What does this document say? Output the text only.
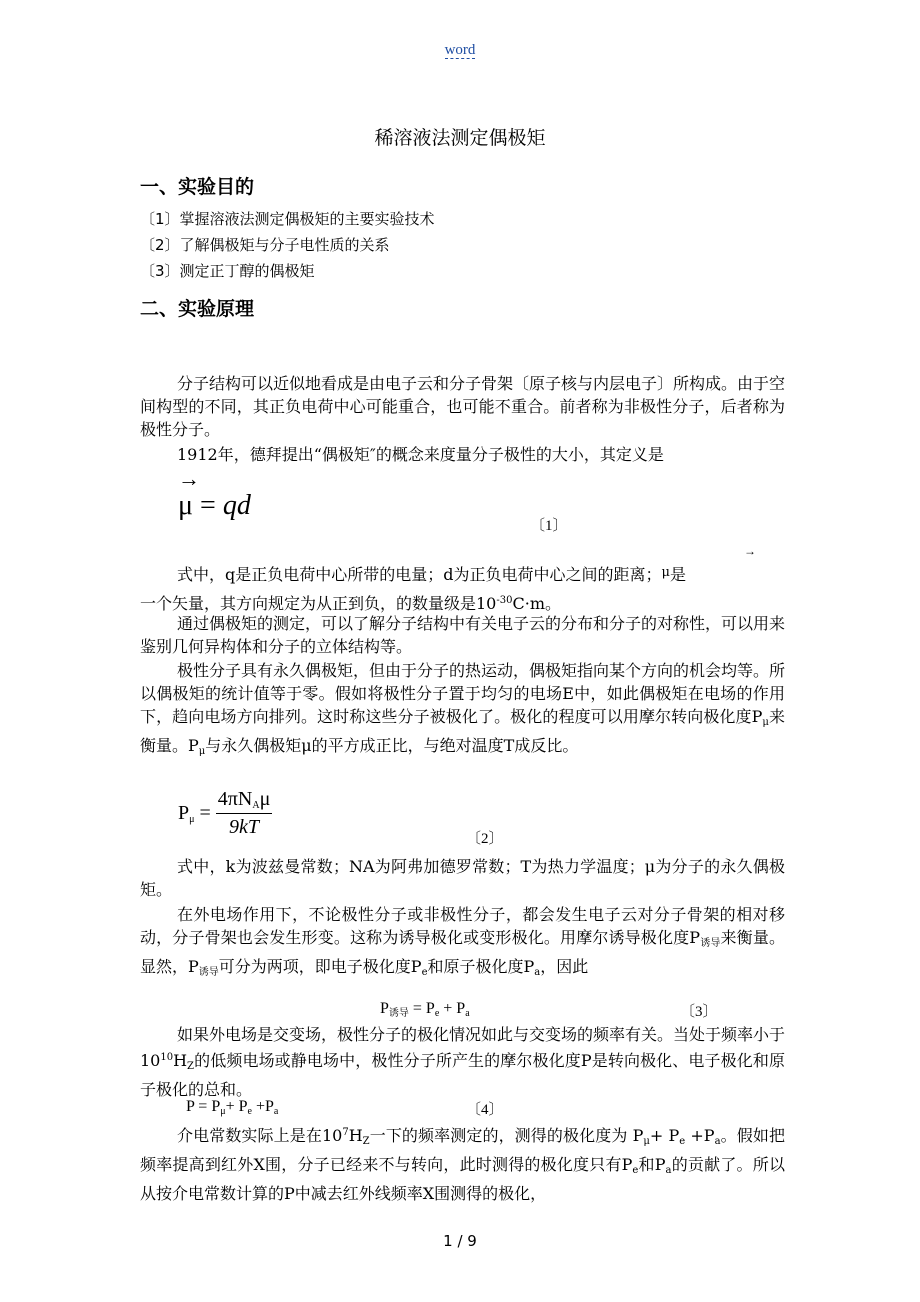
word
稀溶液法测定偶极矩
一、实验目的
〔1〕掌握溶液法测定偶极矩的主要实验技术
〔2〕了解偶极矩与分子电性质的关系
〔3〕测定正丁醇的偶极矩
二、实验原理
分子结构可以近似地看成是由电子云和分子骨架〔原子核与内层电子〕所构成。由于空间构型的不同，其正负电荷中心可能重合，也可能不重合。前者称为非极性分子，后者称为极性分子。
1912年，德拜提出“偶极矩″的概念来度量分子极性的大小，其定义是
→
μ = qd
〔1〕
→
式中，q是正负电荷中心所带的电量；d为正负电荷中心之间的距离；$^\mu$是
一个矢量，其方向规定为从正到负，的数量级是$10^{-30}C\cdot m$。
通过偶极矩的测定，可以了解分子结构中有关电子云的分布和分子的对称性，可以用来鉴别几何异构体和分子的立体结构等。
极性分子具有永久偶极矩，但由于分子的热运动，偶极矩指向某个方向的机会均等。所以偶极矩的统计值等于零。假如将极性分子置于均匀的电场E中，如此偶极矩在电场的作用下，趋向电场方向排列。这时称这些分子被极化了。极化的程度可以用摩尔转向极化度$P_\mu$来衡量。$P_\mu$与永久偶极矩μ的平方成正比，与绝对温度T成反比。
$P_\mu = \frac{4\pi N_A\mu}{9kT}$	〔2〕
式中，k为波兹曼常数；NA为阿弗加德罗常数；T为热力学温度；μ为分子的永久偶极矩。
在外电场作用下，不论极性分子或非极性分子，都会发生电子云对分子骨架的相对移动，分子骨架也会发生形变。这称为诱导极化或变形极化。用摩尔诱导极化度$P_{诱导}$来衡量。显然，$P_{诱导}$可分为两项，即电子极化度$P_e$和原子极化度$P_a$，因此
$P_{诱导} = P_e + P_a$	〔3〕
如果外电场是交变场，极性分子的极化情况如此与交变场的频率有关。当处于频率小于$10^{10}H_Z$的低频电场或静电场中，极性分子所产生的摩尔极化度P是转向极化、电子极化和原子极化的总和。
$P = P_\mu+ P_e +P_a$	〔4〕
介电常数实际上是在$10^7H_Z$一下的频率测定的，测得的极化度为 $P_\mu+ P_e +P_a$。假如把频率提高到红外X围，分子已经来不与转向，此时测得的极化度只有$P_e$和$P_a$的贡献了。所以从按介电常数计算的P中减去红外线频率X围测得的极化，
1 / 9
